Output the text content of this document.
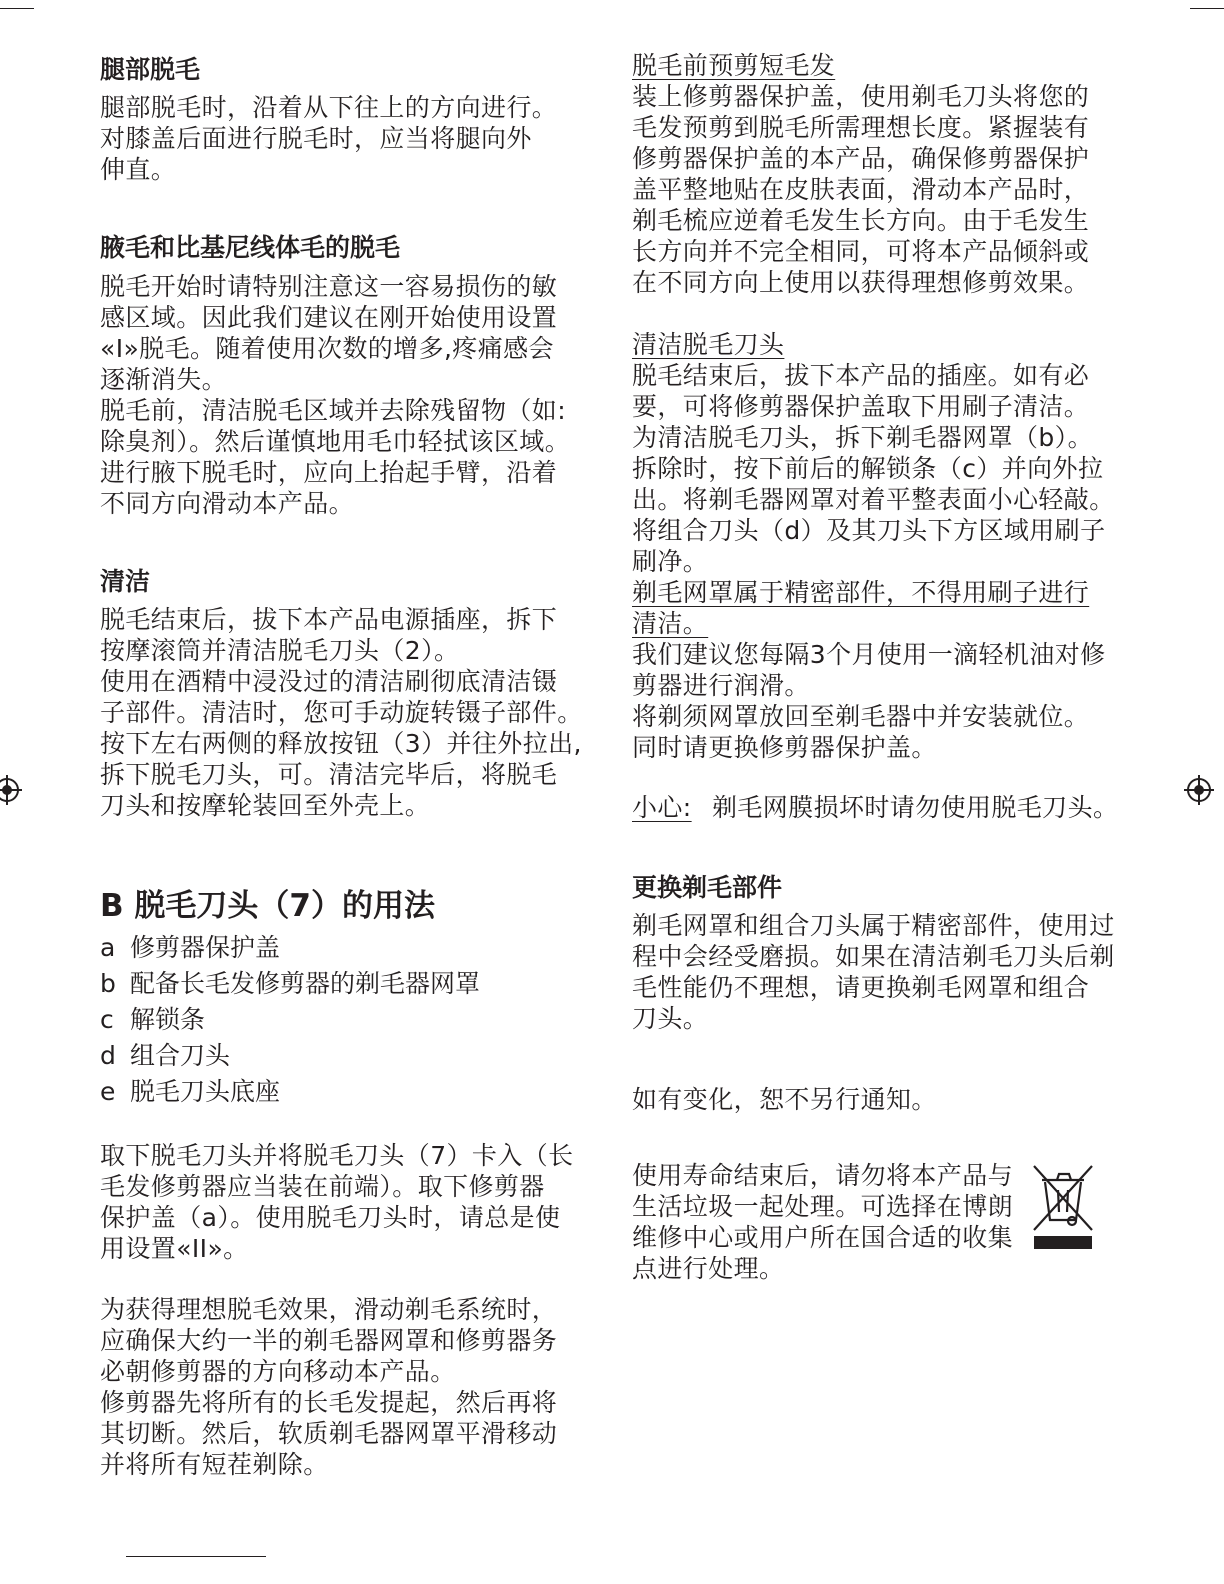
腿部脱毛
腿部脱毛时，沿着从下往上的方向进行。
对膝盖后面进行脱毛时，应当将腿向外
伸直。
腋毛和比基尼线体毛的脱毛
脱毛开始时请特别注意这一容易损伤的敏
感区域。因此我们建议在刚开始使用设置
«I»脱毛。随着使用次数的增多,疼痛感会
逐渐消失。
脱毛前，清洁脱毛区域并去除残留物（如:
除臭剂）。然后谨慎地用毛巾轻拭该区域。
进行腋下脱毛时，应向上抬起手臂，沿着
不同方向滑动本产品。
清洁
脱毛结束后，拔下本产品电源插座，拆下
按摩滚筒并清洁脱毛刀头（2）。
使用在酒精中浸没过的清洁刷彻底清洁镊
子部件。清洁时，您可手动旋转镊子部件。
按下左右两侧的释放按钮（3）并往外拉出,
拆下脱毛刀头，可。清洁完毕后，将脱毛
刀头和按摩轮装回至外壳上。
B 脱毛刀头（7）的用法
a 修剪器保护盖
b 配备长毛发修剪器的剃毛器网罩
c 解锁条
d 组合刀头
e 脱毛刀头底座
取下脱毛刀头并将脱毛刀头（7）卡入（长
毛发修剪器应当装在前端）。取下修剪器
保护盖（a）。使用脱毛刀头时，请总是使
用设置«II»。
为获得理想脱毛效果，滑动剃毛系统时，
应确保大约一半的剃毛器网罩和修剪器务
必朝修剪器的方向移动本产品。
修剪器先将所有的长毛发提起，然后再将
其切断。然后，软质剃毛器网罩平滑移动
并将所有短茬剃除。
脱毛前预剪短毛发
装上修剪器保护盖，使用剃毛刀头将您的
毛发预剪到脱毛所需理想长度。紧握装有
修剪器保护盖的本产品，确保修剪器保护
盖平整地贴在皮肤表面，滑动本产品时，
剃毛梳应逆着毛发生长方向。由于毛发生
长方向并不完全相同，可将本产品倾斜或
在不同方向上使用以获得理想修剪效果。
清洁脱毛刀头
脱毛结束后，拔下本产品的插座。如有必
要，可将修剪器保护盖取下用刷子清洁。
为清洁脱毛刀头，拆下剃毛器网罩（b）。
拆除时，按下前后的解锁条（c）并向外拉
出。将剃毛器网罩对着平整表面小心轻敲。
将组合刀头（d）及其刀头下方区域用刷子
刷净。
剃毛网罩属于精密部件，不得用刷子进行
清洁。
我们建议您每隔3个月使用一滴轻机油对修
剪器进行润滑。
将剃须网罩放回至剃毛器中并安装就位。
同时请更换修剪器保护盖。
小心: 剃毛网膜损坏时请勿使用脱毛刀头。
更换剃毛部件
剃毛网罩和组合刀头属于精密部件，使用过
程中会经受磨损。如果在清洁剃毛刀头后剃
毛性能仍不理想，请更换剃毛网罩和组合
刀头。
如有变化，恕不另行通知。
使用寿命结束后，请勿将本产品与
生活垃圾一起处理。可选择在博朗
维修中心或用户所在国合适的收集
点进行处理。
